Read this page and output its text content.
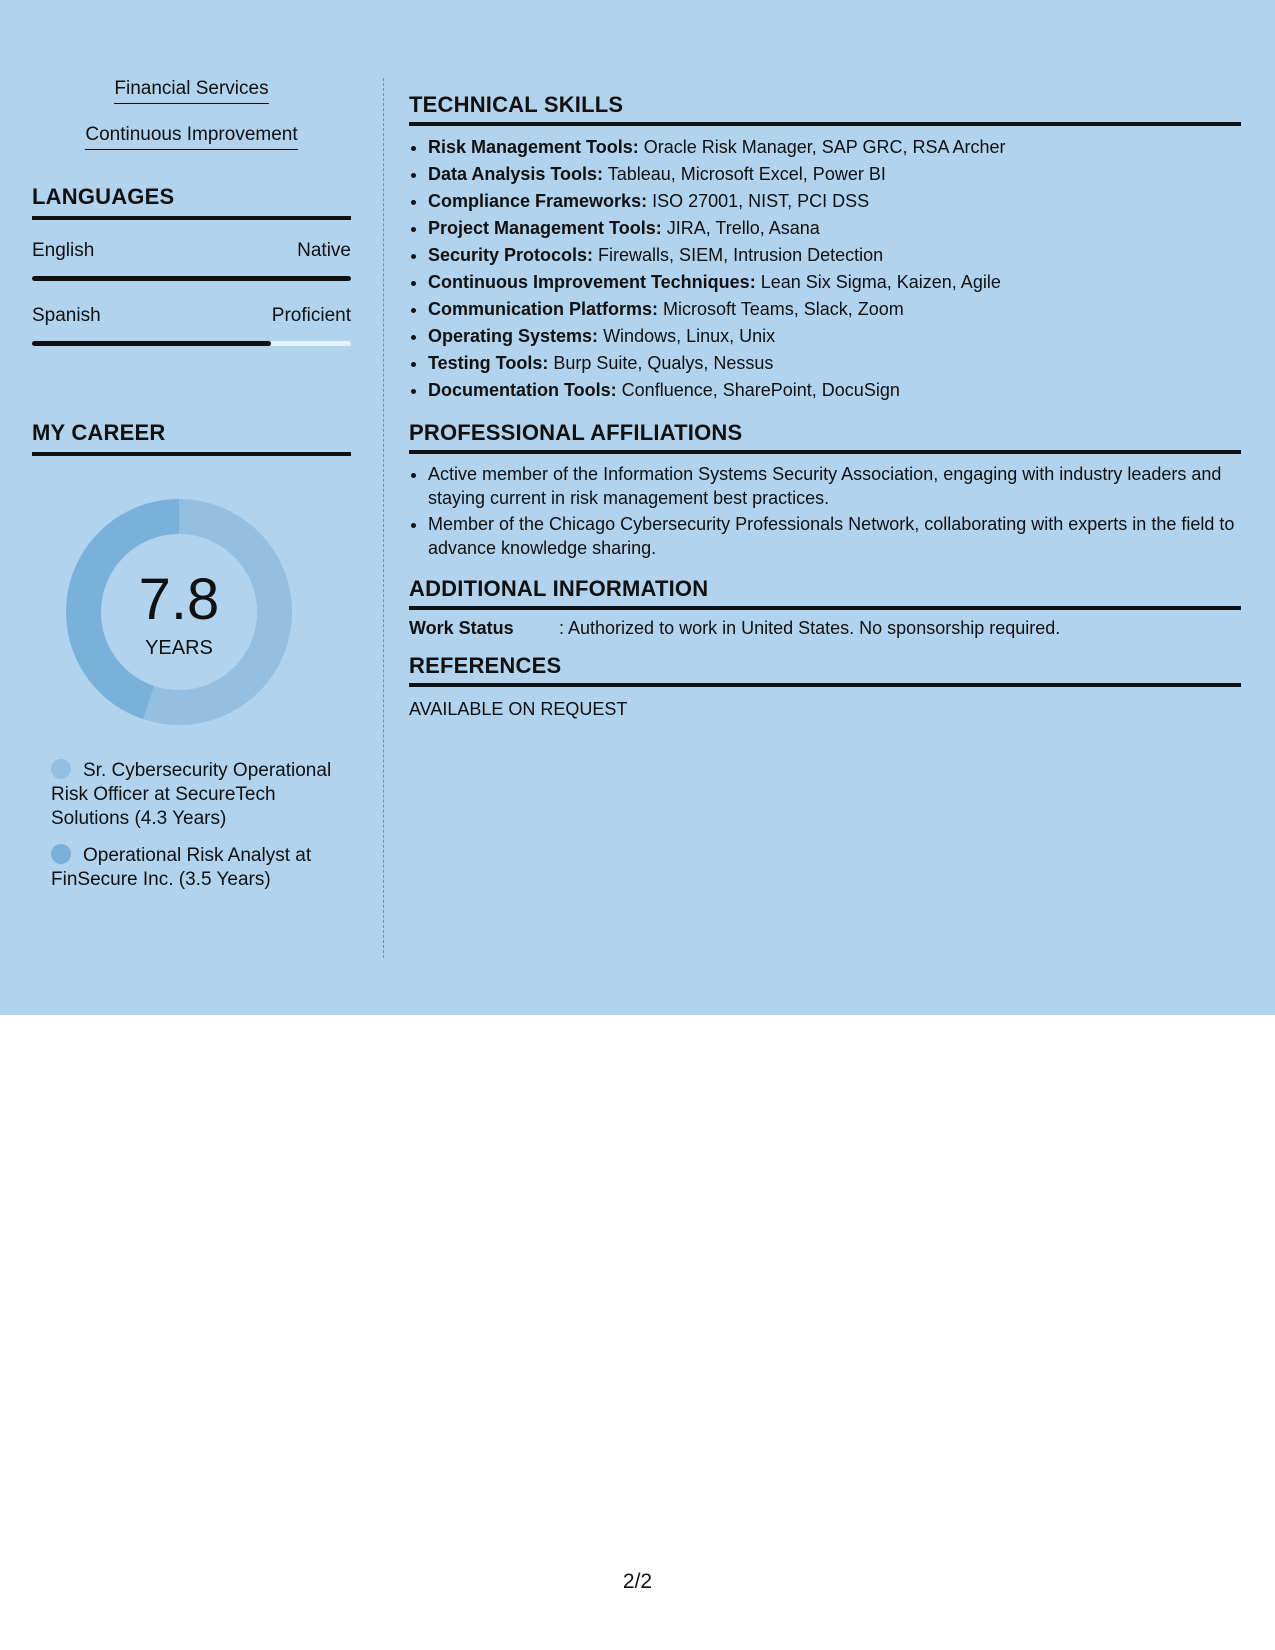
Financial Services
Continuous Improvement
LANGUAGES
English	Native
Spanish	Proficient
MY CAREER
7.8
YEARS
Sr. Cybersecurity Operational Risk Officer at SecureTech Solutions (4.3 Years)
Operational Risk Analyst at FinSecure Inc. (3.5 Years)
TECHNICAL SKILLS
• Risk Management Tools: Oracle Risk Manager, SAP GRC, RSA Archer
• Data Analysis Tools: Tableau, Microsoft Excel, Power BI
• Compliance Frameworks: ISO 27001, NIST, PCI DSS
• Project Management Tools: JIRA, Trello, Asana
• Security Protocols: Firewalls, SIEM, Intrusion Detection
• Continuous Improvement Techniques: Lean Six Sigma, Kaizen, Agile
• Communication Platforms: Microsoft Teams, Slack, Zoom
• Operating Systems: Windows, Linux, Unix
• Testing Tools: Burp Suite, Qualys, Nessus
• Documentation Tools: Confluence, SharePoint, DocuSign
PROFESSIONAL AFFILIATIONS
• Active member of the Information Systems Security Association, engaging with industry leaders and staying current in risk management best practices.
• Member of the Chicago Cybersecurity Professionals Network, collaborating with experts in the field to advance knowledge sharing.
ADDITIONAL INFORMATION
Work Status	: Authorized to work in United States. No sponsorship required.
REFERENCES
AVAILABLE ON REQUEST
2/2
